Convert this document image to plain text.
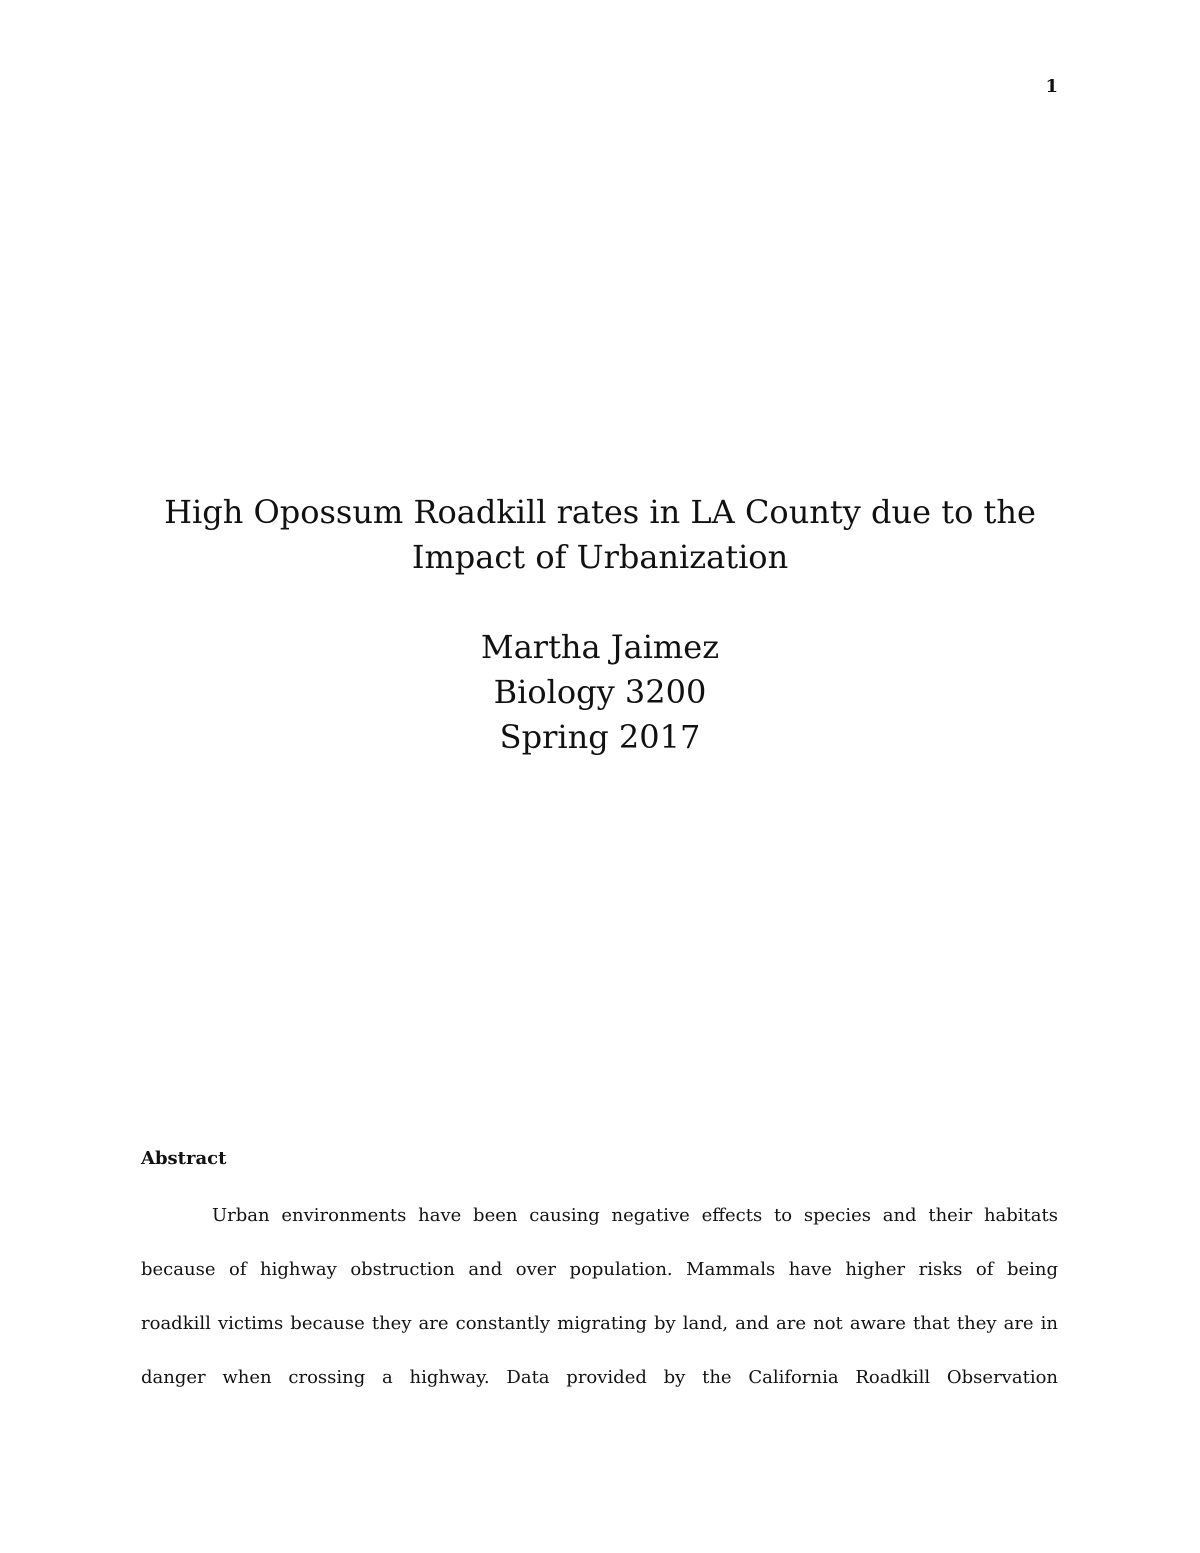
1
High Opossum Roadkill rates in LA County due to the
Impact of Urbanization
Martha Jaimez
Biology 3200
Spring 2017
Abstract
Urban environments have been causing negative effects to species and their habitats
because of highway obstruction and over population. Mammals have higher risks of being
roadkill victims because they are constantly migrating by land, and are not aware that they are in
danger when crossing a highway. Data provided by the California Roadkill Observation
